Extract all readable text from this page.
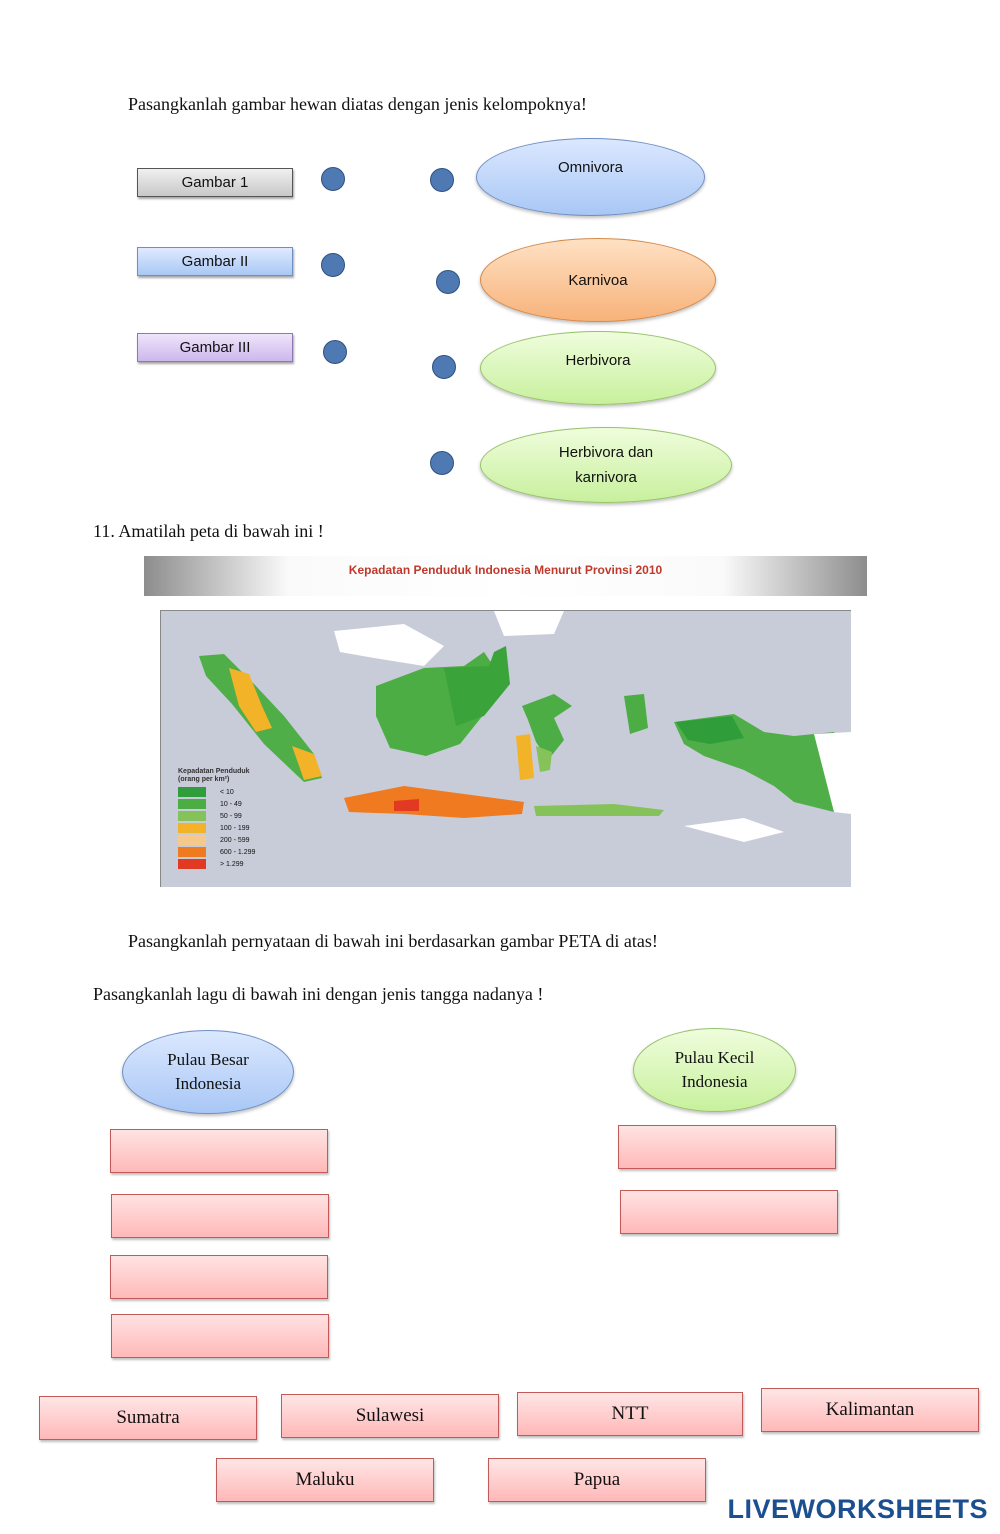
Pasangkanlah gambar hewan diatas dengan jenis kelompoknya!
Gambar 1
Gambar II
Gambar III
Omnivora
Karnivoa
Herbivora
Herbivora dan karnivora
11. Amatilah peta di bawah ini !
Kepadatan Penduduk Indonesia Menurut Provinsi 2010
Kepadatan Penduduk (orang per km²)
< 10
10 - 49
50 - 99
100 - 199
200 - 599
600 - 1.299
> 1.299
Pasangkanlah pernyataan di bawah ini berdasarkan gambar PETA di atas!
Pasangkanlah lagu di bawah ini dengan jenis tangga nadanya !
Pulau Besar Indonesia
Pulau Kecil Indonesia
Sumatra	Sulawesi	NTT	Kalimantan
Maluku	Papua
LIVEWORKSHEETS
